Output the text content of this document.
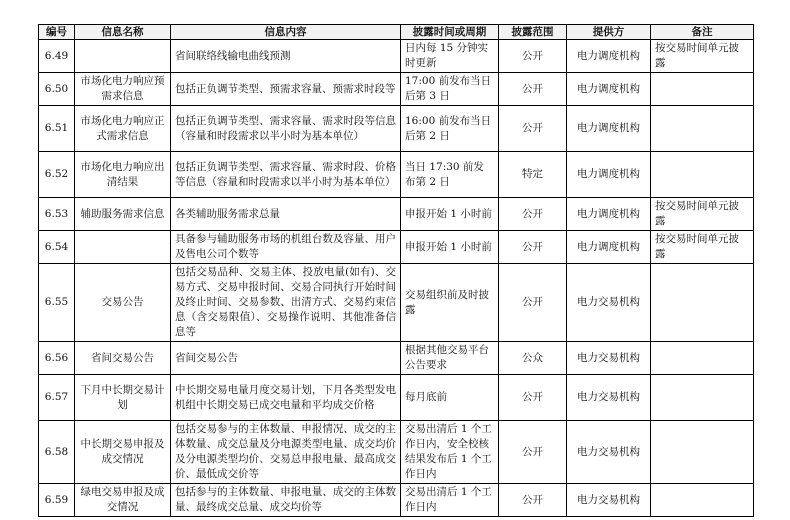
编号	信息名称	信息内容	披露时间或周期	披露范围	提供方	备注
6.49		省间联络线输电曲线预测	日内每 15 分钟实时更新	公开	电力调度机构	按交易时间单元披露
6.50	市场化电力响应预需求信息	包括正负调节类型、预需求容量、预需求时段等	17:00 前发布当日后第 3 日	公开	电力调度机构	
6.51	市场化电力响应正式需求信息	包括正负调节类型、需求容量、需求时段等信息（容量和时段需求以半小时为基本单位）	16:00 前发布当日后第 2 日	公开	电力调度机构	
6.52	市场化电力响应出清结果	包括正负调节类型、需求容量、需求时段、价格等信息（容量和时段需求以半小时为基本单位）	当日 17:30 前发布第 2 日	特定	电力调度机构	
6.53	辅助服务需求信息	各类辅助服务需求总量	申报开始 1 小时前	公开	电力调度机构	按交易时间单元披露
6.54		具备参与辅助服务市场的机组台数及容量、用户及售电公司个数等	申报开始 1 小时前	公开	电力调度机构	按交易时间单元披露
6.55	交易公告	包括交易品种、交易主体、投放电量(如有)、交易方式、交易申报时间、交易合同执行开始时间及终止时间、交易参数、出清方式、交易约束信息（含交易限值）、交易操作说明、其他准备信息等	交易组织前及时披露	公开	电力交易机构	
6.56	省间交易公告	省间交易公告	根据其他交易平台公告要求	公众	电力交易机构	
6.57	下月中长期交易计划	中长期交易电量月度交易计划，下月各类型发电机组中长期交易已成交电量和平均成交价格	每月底前	公开	电力交易机构	
6.58	中长期交易申报及成交情况	包括交易参与的主体数量、申报情况、成交的主体数量、成交总量及分电源类型电量、成交均价及分电源类型均价、交易总申报电量、最高成交价、最低成交价等	交易出清后 1 个工作日内，安全校核结果发布后 1 个工作日内	公开	电力交易机构	
6.59	绿电交易申报及成交情况	包括参与的主体数量、申报电量、成交的主体数量、最终成交总量、成交均价等	交易出清后 1 个工作日内	公开	电力交易机构	
